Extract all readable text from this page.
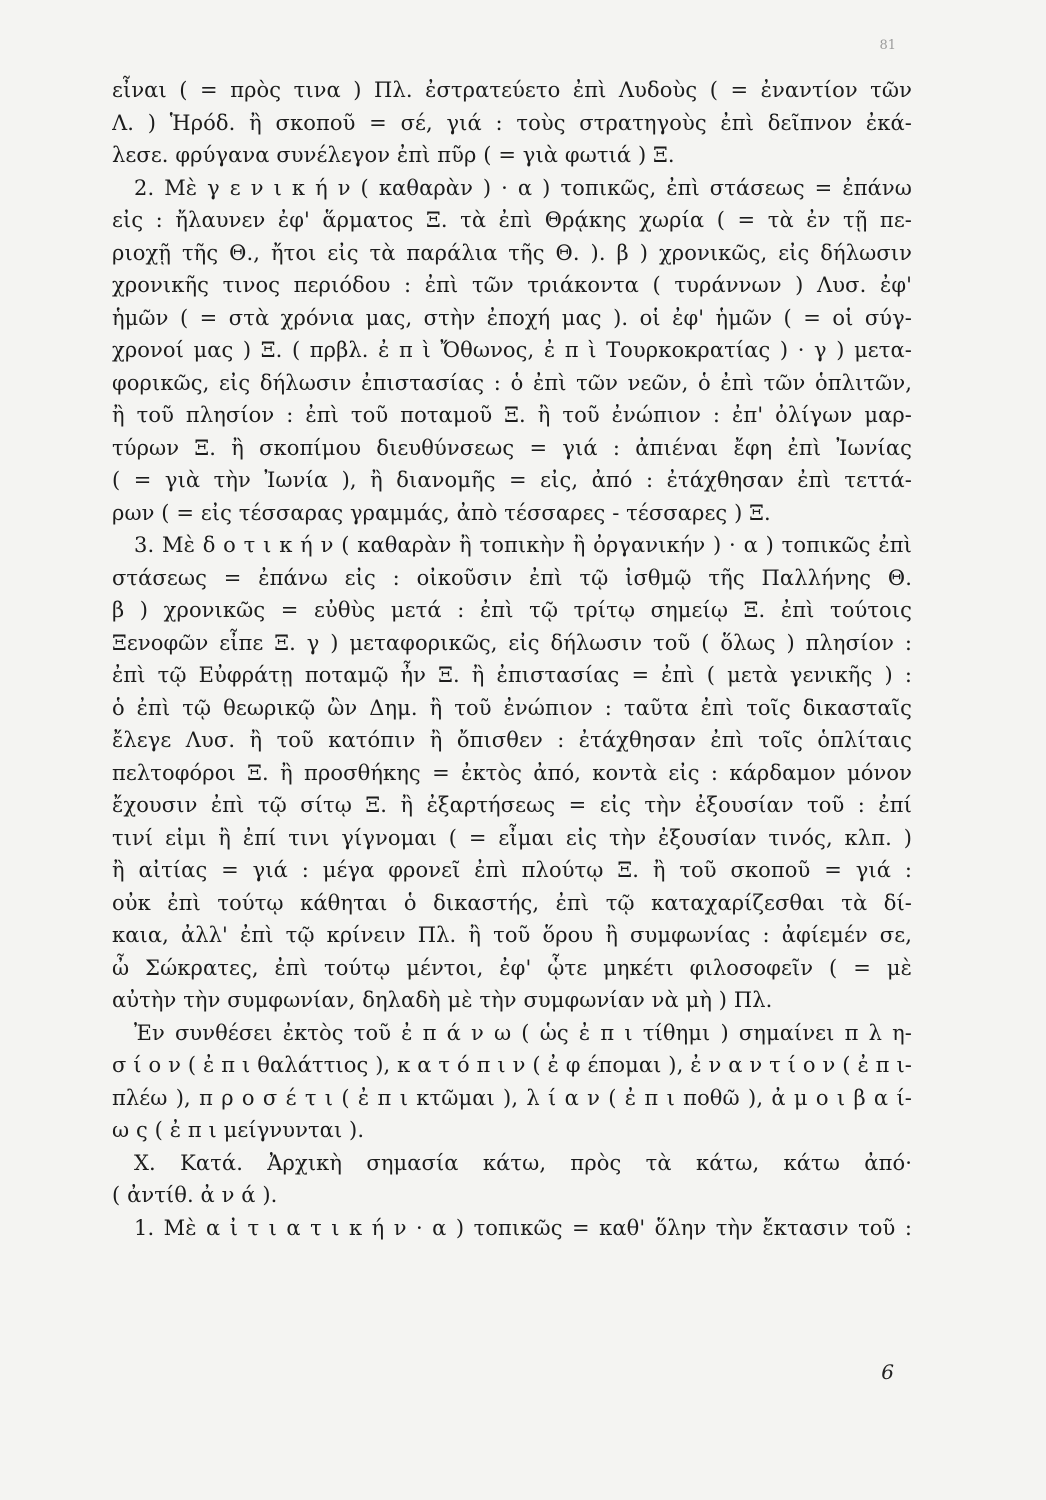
81
εἶναι ( = πρὸς τινα ) Πλ. ἐστρατεύετο ἐπὶ Λυδοὺς ( = ἐναντίον τῶν
Λ. ) Ἡρόδ. ἢ σκοποῦ = σέ, γιά : τοὺς στρατηγοὺς ἐπὶ δεῖπνον ἐκά-
λεσε. φρύγανα συνέλεγον ἐπὶ πῦρ ( = γιὰ φωτιά ) Ξ.
2. Μὲ γ ε ν ι κ ή ν ( καθαρὰν ) · α ) τοπικῶς, ἐπὶ στάσεως = ἐπάνω
εἰς : ἤλαυνεν ἐφ' ἅρματος Ξ. τὰ ἐπὶ Θρᾴκης χωρία ( = τὰ ἐν τῇ πε-
ριοχῇ τῆς Θ., ἤτοι εἰς τὰ παράλια τῆς Θ. ). β ) χρονικῶς, εἰς δήλωσιν
χρονικῆς τινος περιόδου : ἐπὶ τῶν τριάκοντα ( τυράννων ) Λυσ. ἐφ'
ἡμῶν ( = στὰ χρόνια μας, στὴν ἐποχή μας ). οἱ ἐφ' ἡμῶν ( = οἱ σύγ-
χρονοί μας ) Ξ. ( πρβλ. ἐ π ὶ Ὄθωνος, ἐ π ὶ Τουρκοκρατίας ) · γ ) μετα-
φορικῶς, εἰς δήλωσιν ἐπιστασίας : ὁ ἐπὶ τῶν νεῶν, ὁ ἐπὶ τῶν ὁπλιτῶν,
ἢ τοῦ πλησίον : ἐπὶ τοῦ ποταμοῦ Ξ. ἢ τοῦ ἐνώπιον : ἐπ' ὀλίγων μαρ-
τύρων Ξ. ἢ σκοπίμου διευθύνσεως = γιά : ἀπιέναι ἔφη ἐπὶ Ἰωνίας
( = γιὰ τὴν Ἰωνία ), ἢ διανομῆς = εἰς, ἀπό : ἐτάχθησαν ἐπὶ τεττά-
ρων ( = εἰς τέσσαρας γραμμάς, ἀπὸ τέσσαρες - τέσσαρες ) Ξ.
3. Μὲ δ ο τ ι κ ή ν ( καθαρὰν ἢ τοπικὴν ἢ ὀργανικήν ) · α ) τοπικῶς ἐπὶ
στάσεως = ἐπάνω εἰς : οἰκοῦσιν ἐπὶ τῷ ἰσθμῷ τῆς Παλλήνης Θ.
β ) χρονικῶς = εὐθὺς μετά : ἐπὶ τῷ τρίτῳ σημείῳ Ξ. ἐπὶ τούτοις
Ξενοφῶν εἶπε Ξ. γ ) μεταφορικῶς, εἰς δήλωσιν τοῦ ( ὅλως ) πλησίον :
ἐπὶ τῷ Εὐφράτῃ ποταμῷ ἦν Ξ. ἢ ἐπιστασίας = ἐπὶ ( μετὰ γενικῆς ) :
ὁ ἐπὶ τῷ θεωρικῷ ὢν Δημ. ἢ τοῦ ἐνώπιον : ταῦτα ἐπὶ τοῖς δικασταῖς
ἔλεγε Λυσ. ἢ τοῦ κατόπιν ἢ ὄπισθεν : ἐτάχθησαν ἐπὶ τοῖς ὁπλίταις
πελτοφόροι Ξ. ἢ προσθήκης = ἐκτὸς ἀπό, κοντὰ εἰς : κάρδαμον μόνον
ἔχουσιν ἐπὶ τῷ σίτῳ Ξ. ἢ ἐξαρτήσεως = εἰς τὴν ἐξουσίαν τοῦ : ἐπί
τινί εἰμι ἢ ἐπί τινι γίγνομαι ( = εἶμαι εἰς τὴν ἐξουσίαν τινός, κλπ. )
ἢ αἰτίας = γιά : μέγα φρονεῖ ἐπὶ πλούτῳ Ξ. ἢ τοῦ σκοποῦ = γιά :
οὐκ ἐπὶ τούτῳ κάθηται ὁ δικαστής, ἐπὶ τῷ καταχαρίζεσθαι τὰ δί-
καια, ἀλλ' ἐπὶ τῷ κρίνειν Πλ. ἢ τοῦ ὅρου ἢ συμφωνίας : ἀφίεμέν σε,
ὦ Σώκρατες, ἐπὶ τούτῳ μέντοι, ἐφ' ᾧτε μηκέτι φιλοσοφεῖν ( = μὲ
αὐτὴν τὴν συμφωνίαν, δηλαδὴ μὲ τὴν συμφωνίαν νὰ μὴ ) Πλ.
Ἐν συνθέσει ἐκτὸς τοῦ ἐ π ά ν ω ( ὡς ἐ π ι τίθημι ) σημαίνει π λ η-
σ ί ο ν ( ἐ π ι θαλάττιος ), κ α τ ό π ι ν ( ἐ φ έπομαι ), ἐ ν α ν τ ί ο ν ( ἐ π ι-
πλέω ), π ρ ο σ έ τ ι ( ἐ π ι κτῶμαι ), λ ί α ν ( ἐ π ι ποθῶ ), ἀ μ ο ι β α ί-
ω ς ( ἐ π ι μείγνυνται ).
Χ. Κατά. Ἀρχικὴ σημασία κάτω, πρὸς τὰ κάτω, κάτω ἀπό·
( ἀντίθ. ἀ ν ά ).
1. Μὲ α ἰ τ ι α τ ι κ ή ν · α ) τοπικῶς = καθ' ὅλην τὴν ἔκτασιν τοῦ :
6
